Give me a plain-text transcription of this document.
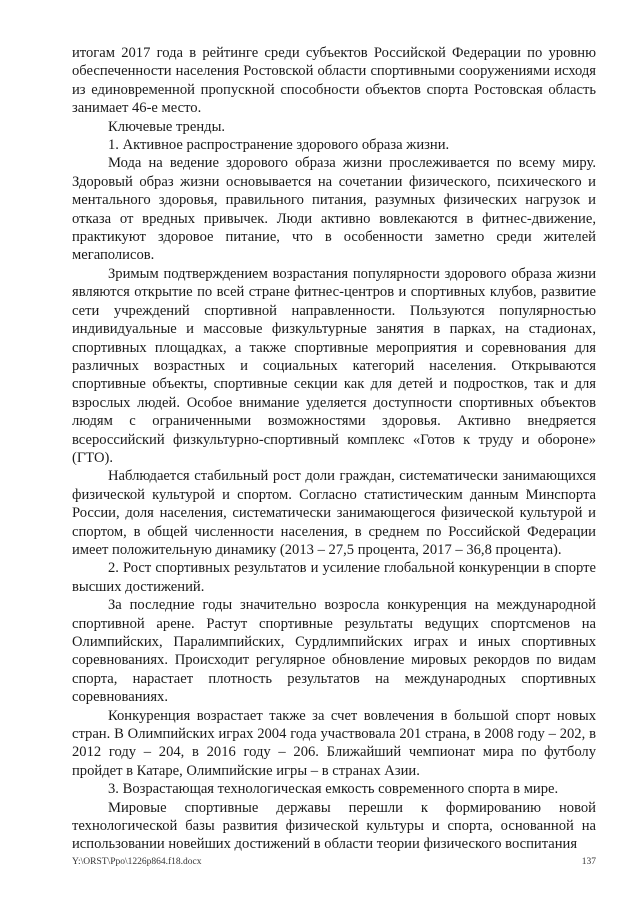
итогам 2017 года в рейтинге среди субъектов Российской Федерации по уровню обеспеченности населения Ростовской области спортивными сооружениями исходя из единовременной пропускной способности объектов спорта Ростовская область занимает 46-е место.

Ключевые тренды.

1. Активное распространение здорового образа жизни.

Мода на ведение здорового образа жизни прослеживается по всему миру. Здоровый образ жизни основывается на сочетании физического, психического и ментального здоровья, правильного питания, разумных физических нагрузок и отказа от вредных привычек. Люди активно вовлекаются в фитнес-движение, практикуют здоровое питание, что в особенности заметно среди жителей мегаполисов.

Зримым подтверждением возрастания популярности здорового образа жизни являются открытие по всей стране фитнес-центров и спортивных клубов, развитие сети учреждений спортивной направленности. Пользуются популярностью индивидуальные и массовые физкультурные занятия в парках, на стадионах, спортивных площадках, а также спортивные мероприятия и соревнования для различных возрастных и социальных категорий населения. Открываются спортивные объекты, спортивные секции как для детей и подростков, так и для взрослых людей. Особое внимание уделяется доступности спортивных объектов людям с ограниченными возможностями здоровья. Активно внедряется всероссийский физкультурно-спортивный комплекс «Готов к труду и обороне» (ГТО).

Наблюдается стабильный рост доли граждан, систематически занимающихся физической культурой и спортом. Согласно статистическим данным Минспорта России, доля населения, систематически занимающегося физической культурой и спортом, в общей численности населения, в среднем по Российской Федерации имеет положительную динамику (2013 – 27,5 процента, 2017 – 36,8 процента).

2. Рост спортивных результатов и усиление глобальной конкуренции в спорте высших достижений.

За последние годы значительно возросла конкуренция на международной спортивной арене. Растут спортивные результаты ведущих спортсменов на Олимпийских, Паралимпийских, Сурдлимпийских играх и иных спортивных соревнованиях. Происходит регулярное обновление мировых рекордов по видам спорта, нарастает плотность результатов на международных спортивных соревнованиях.

Конкуренция возрастает также за счет вовлечения в большой спорт новых стран. В Олимпийских играх 2004 года участвовала 201 страна, в 2008 году – 202, в 2012 году – 204, в 2016 году – 206. Ближайший чемпионат мира по футболу пройдет в Катаре, Олимпийские игры – в странах Азии.

3. Возрастающая технологическая емкость современного спорта в мире.

Мировые спортивные державы перешли к формированию новой технологической базы развития физической культуры и спорта, основанной на использовании новейших достижений в области теории физического воспитания

Y:\ORST\Ppo\1226p864.f18.docx	137
